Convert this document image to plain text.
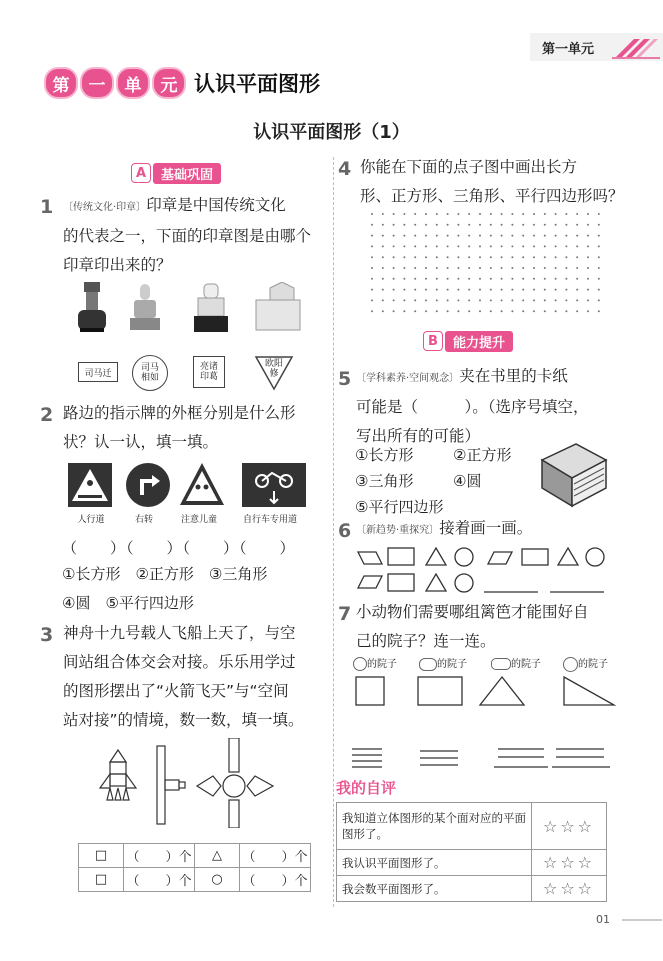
第一单元
第	一	单	元 认识平面图形
认识平面图形（1）
A	基础巩固
1 〔传统文化·印章〕印章是中国传统文化
的代表之一，下面的印章图是由哪个
印章印出来的？
司马迁
司马相如
亮诸印葛
欧阳修
2 路边的指示牌的外框分别是什么形
状？认一认，填一填。
人行道	右转	注意儿童	自行车专用道
（　　）（　　）（　　）（　　）
①长方形　②正方形　③三角形
④圆　⑤平行四边形
3 神舟十九号载人飞船上天了，与空
间站组合体交会对接。乐乐用学过
的图形摆出了“火箭飞天”与“空间
站对接”的情境，数一数，填一填。
□	（　　）个	△	（　　）个
□	（　　）个	○	（　　）个
4 你能在下面的点子图中画出长方
形、正方形、三角形、平行四边形吗？
B	能力提升
5 〔学科素养·空间观念〕夹在书里的卡纸
可能是（　　　）。（选序号填空，
写出所有的可能）
①长方形	②正方形
③三角形	④圆
⑤平行四边形
6 〔新趋势·重探究〕接着画一画。
7 小动物们需要哪组篱笆才能围好自
己的院子？连一连。
的院子	的院子	的院子	的院子
我的自评
我知道立体图形的某个面对应的平面图形了。	☆☆☆
我认识平面图形了。	☆☆☆
我会数平面图形了。	☆☆☆
01
